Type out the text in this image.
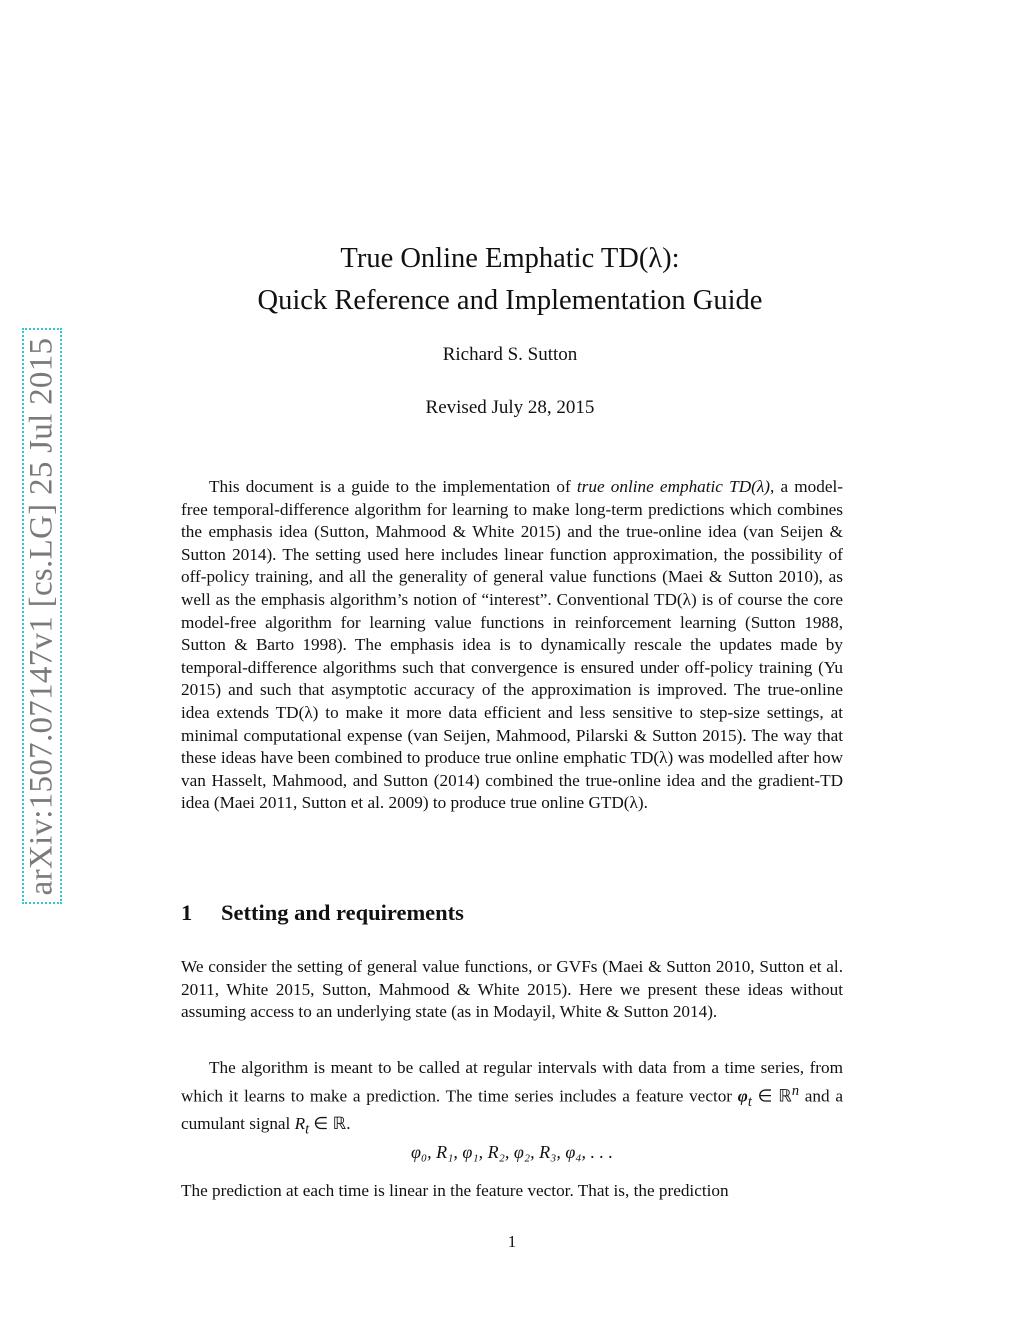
arXiv:1507.07147v1 [cs.LG] 25 Jul 2015
True Online Emphatic TD(λ):
Quick Reference and Implementation Guide
Richard S. Sutton
Revised July 28, 2015

This document is a guide to the implementation of true online emphatic TD(λ), a model-free temporal-difference algorithm for learning to make long-term predictions which combines the emphasis idea (Sutton, Mahmood & White 2015) and the true-online idea (van Seijen & Sutton 2014). The setting used here includes linear function approximation, the possibility of off-policy training, and all the generality of general value functions (Maei & Sutton 2010), as well as the emphasis algorithm’s notion of “interest”. Conventional TD(λ) is of course the core model-free algorithm for learning value functions in reinforcement learning (Sutton 1988, Sutton & Barto 1998). The emphasis idea is to dynamically rescale the updates made by temporal-difference algorithms such that convergence is ensured under off-policy training (Yu 2015) and such that asymptotic accuracy of the approximation is improved. The true-online idea extends TD(λ) to make it more data efficient and less sensitive to step-size settings, at minimal computational expense (van Seijen, Mahmood, Pilarski & Sutton 2015). The way that these ideas have been combined to produce true online emphatic TD(λ) was modelled after how van Hasselt, Mahmood, and Sutton (2014) combined the true-online idea and the gradient-TD idea (Maei 2011, Sutton et al. 2009) to produce true online GTD(λ).

1 Setting and requirements

We consider the setting of general value functions, or GVFs (Maei & Sutton 2010, Sutton et al. 2011, White 2015, Sutton, Mahmood & White 2015). Here we present these ideas without assuming access to an underlying state (as in Modayil, White & Sutton 2014).

The algorithm is meant to be called at regular intervals with data from a time series, from which it learns to make a prediction. The time series includes a feature vector $\varphi_t$ ∈ ℝ$^n$ and a cumulant signal $R_t$ ∈ ℝ.

φ₀, R₁, φ₁, R₂, φ₂, R₃, φ₄, . . .

The prediction at each time is linear in the feature vector. That is, the prediction

1
